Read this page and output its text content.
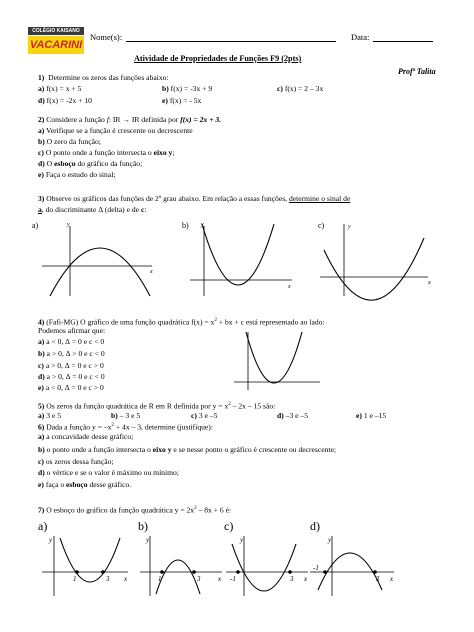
COLÉGIO KAISANO
VACARINI
Nome(s):	Data:
Atividade de Propriedades de Funções F9 (2pts)
Profª Talita
1) Determine os zeros das funções abaixo:
a) f(x) = x + 5	b) f(x) = -3x + 9	c) f(x) = 2 – 3x
d) f(x) = -2x + 10	e) f(x) = - 5x
2) Considere a função f: IR → IR definida por f(x) = 2x + 3.
a) Verifique se a função é crescente ou decrescente
b) O zero da função;
c) O ponto onde a função intersecta o eixo y;
d) O esboço do gráfico da função;
e) Faça o estudo do sinal;
3) Observe os gráficos das funções de 2º grau abaixo. Em relação a essas funções, determine o sinal de
a, do discriminante ∆ (delta) e de c:
a)	y
x
b) y
x
c)	y
x
4) (Fafi-MG) O gráfico de uma função quadrática $f(x) = x^2$ + bx + c está representado ao lado:
Podemos afirmar que:
a) a < 0, ∆ = 0 e c < 0
b) a > 0, ∆ > 0 e c < 0
c) a > 0, ∆ = 0 e c > 0
d) a > 0, ∆ = 0 e c < 0
e) a < 0, ∆ = 0 e c > 0
5) Os zeros da função quadrática de R em R definida por $y = x^2 - 2x - 15$ são:
a) 3 e 5	b) – 3 e 5	c) 3 e –5	d) –3 e –5	e) 1 e –15
6) Dada a função $y = -x^2 + 4x - 3$, determine (justifique):
a) a concavidade desse gráfico;
b) o ponto onde a função intersecta o eixo y e se nesse ponto o gráfico é crescente ou decrescente;
c) os zeros dessa função;
d) o vértice e se o valor é máximo ou mínimo;
e) faça o esboço desse gráfico.
7) O esboço do gráfico da função quadrática $y = 2x^2 - 8x + 6$ é:
a)
y
x
1	3
b)
y
x
1	3
c)
y
x
-1	3
d)
y
x
-1
3
